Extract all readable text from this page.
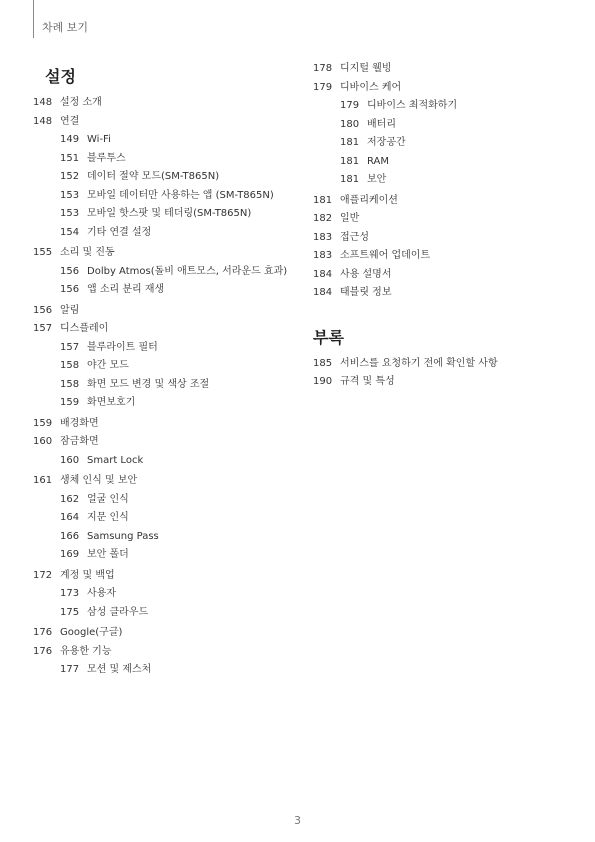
차례 보기
설정
148 설정 소개
148 연결
149 Wi-Fi
151 블루투스
152 데이터 절약 모드(SM-T865N)
153 모바일 데이터만 사용하는 앱 (SM-T865N)
153 모바일 핫스팟 및 테더링(SM-T865N)
154 기타 연결 설정
155 소리 및 진동
156 Dolby Atmos(돌비 애트모스, 서라운드 효과)
156 앱 소리 분리 재생
156 알림
157 디스플레이
157 블루라이트 필터
158 야간 모드
158 화면 모드 변경 및 색상 조절
159 화면보호기
159 배경화면
160 잠금화면
160 Smart Lock
161 생체 인식 및 보안
162 얼굴 인식
164 지문 인식
166 Samsung Pass
169 보안 폴더
172 계정 및 백업
173 사용자
175 삼성 클라우드
176 Google(구글)
176 유용한 기능
177 모션 및 제스처
178 디지털 웰빙
179 디바이스 케어
179 디바이스 최적화하기
180 배터리
181 저장공간
181 RAM
181 보안
181 애플리케이션
182 일반
183 접근성
183 소프트웨어 업데이트
184 사용 설명서
184 태블릿 정보
부록
185 서비스를 요청하기 전에 확인할 사항
190 규격 및 특성
3
